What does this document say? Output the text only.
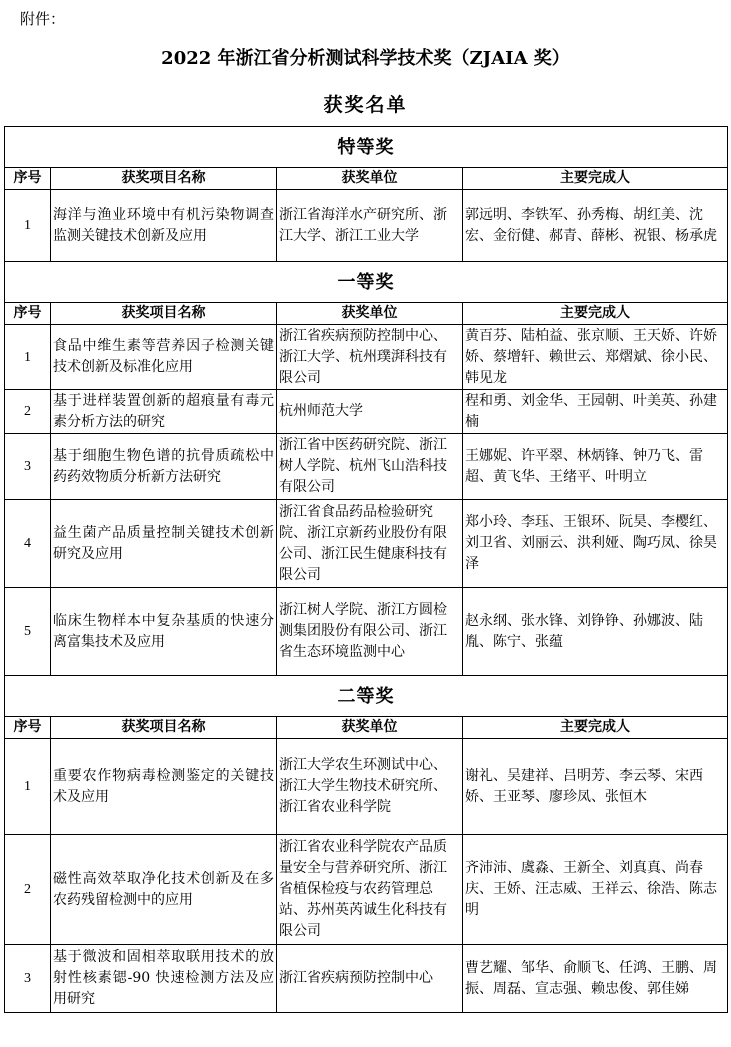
附件：
2022 年浙江省分析测试科学技术奖（ZJAIA 奖）
获奖名单
特等奖			
序号	获奖项目名称	获奖单位	主要完成人
1	海洋与渔业环境中有机污染物调查监测关键技术创新及应用	浙江省海洋水产研究所、浙江大学、浙江工业大学	郭远明、李铁军、孙秀梅、胡红美、沈宏、金衍健、郝青、薛彬、祝银、杨承虎
一等奖			
序号	获奖项目名称	获奖单位	主要完成人
1	食品中维生素等营养因子检测关键技术创新及标准化应用	浙江省疾病预防控制中心、浙江大学、杭州璞湃科技有限公司	黄百芬、陆柏益、张京顺、王天娇、许娇娇、蔡增轩、赖世云、郑熠斌、徐小民、韩见龙
2	基于进样装置创新的超痕量有毒元素分析方法的研究	杭州师范大学	程和勇、刘金华、王园朝、叶美英、孙建楠
3	基于细胞生物色谱的抗骨质疏松中药药效物质分析新方法研究	浙江省中医药研究院、浙江树人学院、杭州飞山浩科技有限公司	王娜妮、许平翠、林炳锋、钟乃飞、雷超、黄飞华、王绪平、叶明立
4	益生菌产品质量控制关键技术创新研究及应用	浙江省食品药品检验研究院、浙江京新药业股份有限公司、浙江民生健康科技有限公司	郑小玲、李珏、王银环、阮昊、李樱红、刘卫省、刘丽云、洪利娅、陶巧凤、徐昊泽
5	临床生物样本中复杂基质的快速分离富集技术及应用	浙江树人学院、浙江方圆检测集团股份有限公司、浙江省生态环境监测中心	赵永纲、张水锋、刘铮铮、孙娜波、陆胤、陈宁、张蕴
二等奖			
序号	获奖项目名称	获奖单位	主要完成人
1	重要农作物病毒检测鉴定的关键技术及应用	浙江大学农生环测试中心、浙江大学生物技术研究所、浙江省农业科学院	谢礼、吴建祥、吕明芳、李云琴、宋西娇、王亚琴、廖珍凤、张恒木
2	磁性高效萃取净化技术创新及在多农药残留检测中的应用	浙江省农业科学院农产品质量安全与营养研究所、浙江省植保检疫与农药管理总站、苏州英芮诚生化科技有限公司	齐沛沛、虞淼、王新全、刘真真、尚春庆、王娇、汪志威、王祥云、徐浩、陈志明
3	基于微波和固相萃取联用技术的放射性核素锶-90 快速检测方法及应用研究	浙江省疾病预防控制中心	曹艺耀、邹华、俞顺飞、任鸿、王鹏、周振、周磊、宣志强、赖忠俊、郭佳娣
